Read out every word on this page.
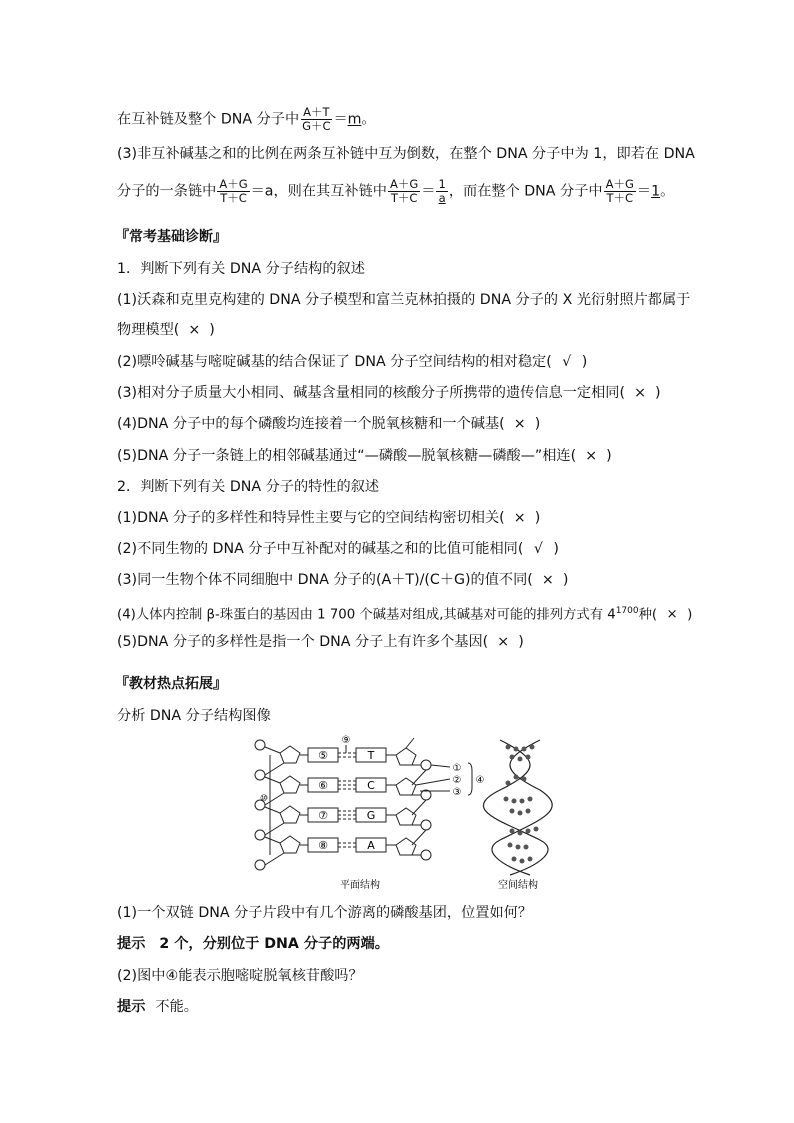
在互补链及整个 DNA 分子中 $\frac{A+T}{G+C} =m$。
(3)非互补碱基之和的比例在两条互补链中互为倒数，在整个 DNA 分子中为 1，即若在 DNA
分子的一条链中 $\frac{A+G}{T+C} =a$，则在其互补链中 $\frac{A+G}{T+C} = \frac{1}{a}$ ，而在整个 DNA 分子中 $\frac{A+G}{T+C} =1$。
『常考基础诊断』
1．判断下列有关 DNA 分子结构的叙述
(1)沃森和克里克构建的 DNA 分子模型和富兰克林拍摄的 DNA 分子的 X 光衍射照片都属于
物理模型( × )
(2)嘌呤碱基与嘧啶碱基的结合保证了 DNA 分子空间结构的相对稳定( √ )
(3)相对分子质量大小相同、碱基含量相同的核酸分子所携带的遗传信息一定相同( × )
(4)DNA 分子中的每个磷酸均连接着一个脱氧核糖和一个碱基( × )
(5)DNA 分子一条链上的相邻碱基通过“—磷酸—脱氧核糖—磷酸—”相连( × )
2．判断下列有关 DNA 分子的特性的叙述
(1)DNA 分子的多样性和特异性主要与它的空间结构密切相关( × )
(2)不同生物的 DNA 分子中互补配对的碱基之和的比值可能相同( √ )
(3)同一生物个体不同细胞中 DNA 分子的(A＋T)/(C＋G)的值不同( × )
(4)人体内控制 β-珠蛋白的基因由 1 700 个碱基对组成,其碱基对可能的排列方式有 $4^{1700}$种( × )
(5)DNA 分子的多样性是指一个 DNA 分子上有许多个基因( × )
『教材热点拓展』
分析 DNA 分子结构图像
⑤
⑥
⑦
⑧
⑨
T
C
G
A
①
②
③
④
⑩
平面结构	空间结构
(1)一个双链 DNA 分子片段中有几个游离的磷酸基团，位置如何？
提示 2 个，分别位于 DNA 分子的两端。
(2)图中④能表示胞嘧啶脱氧核苷酸吗？
提示 不能。
